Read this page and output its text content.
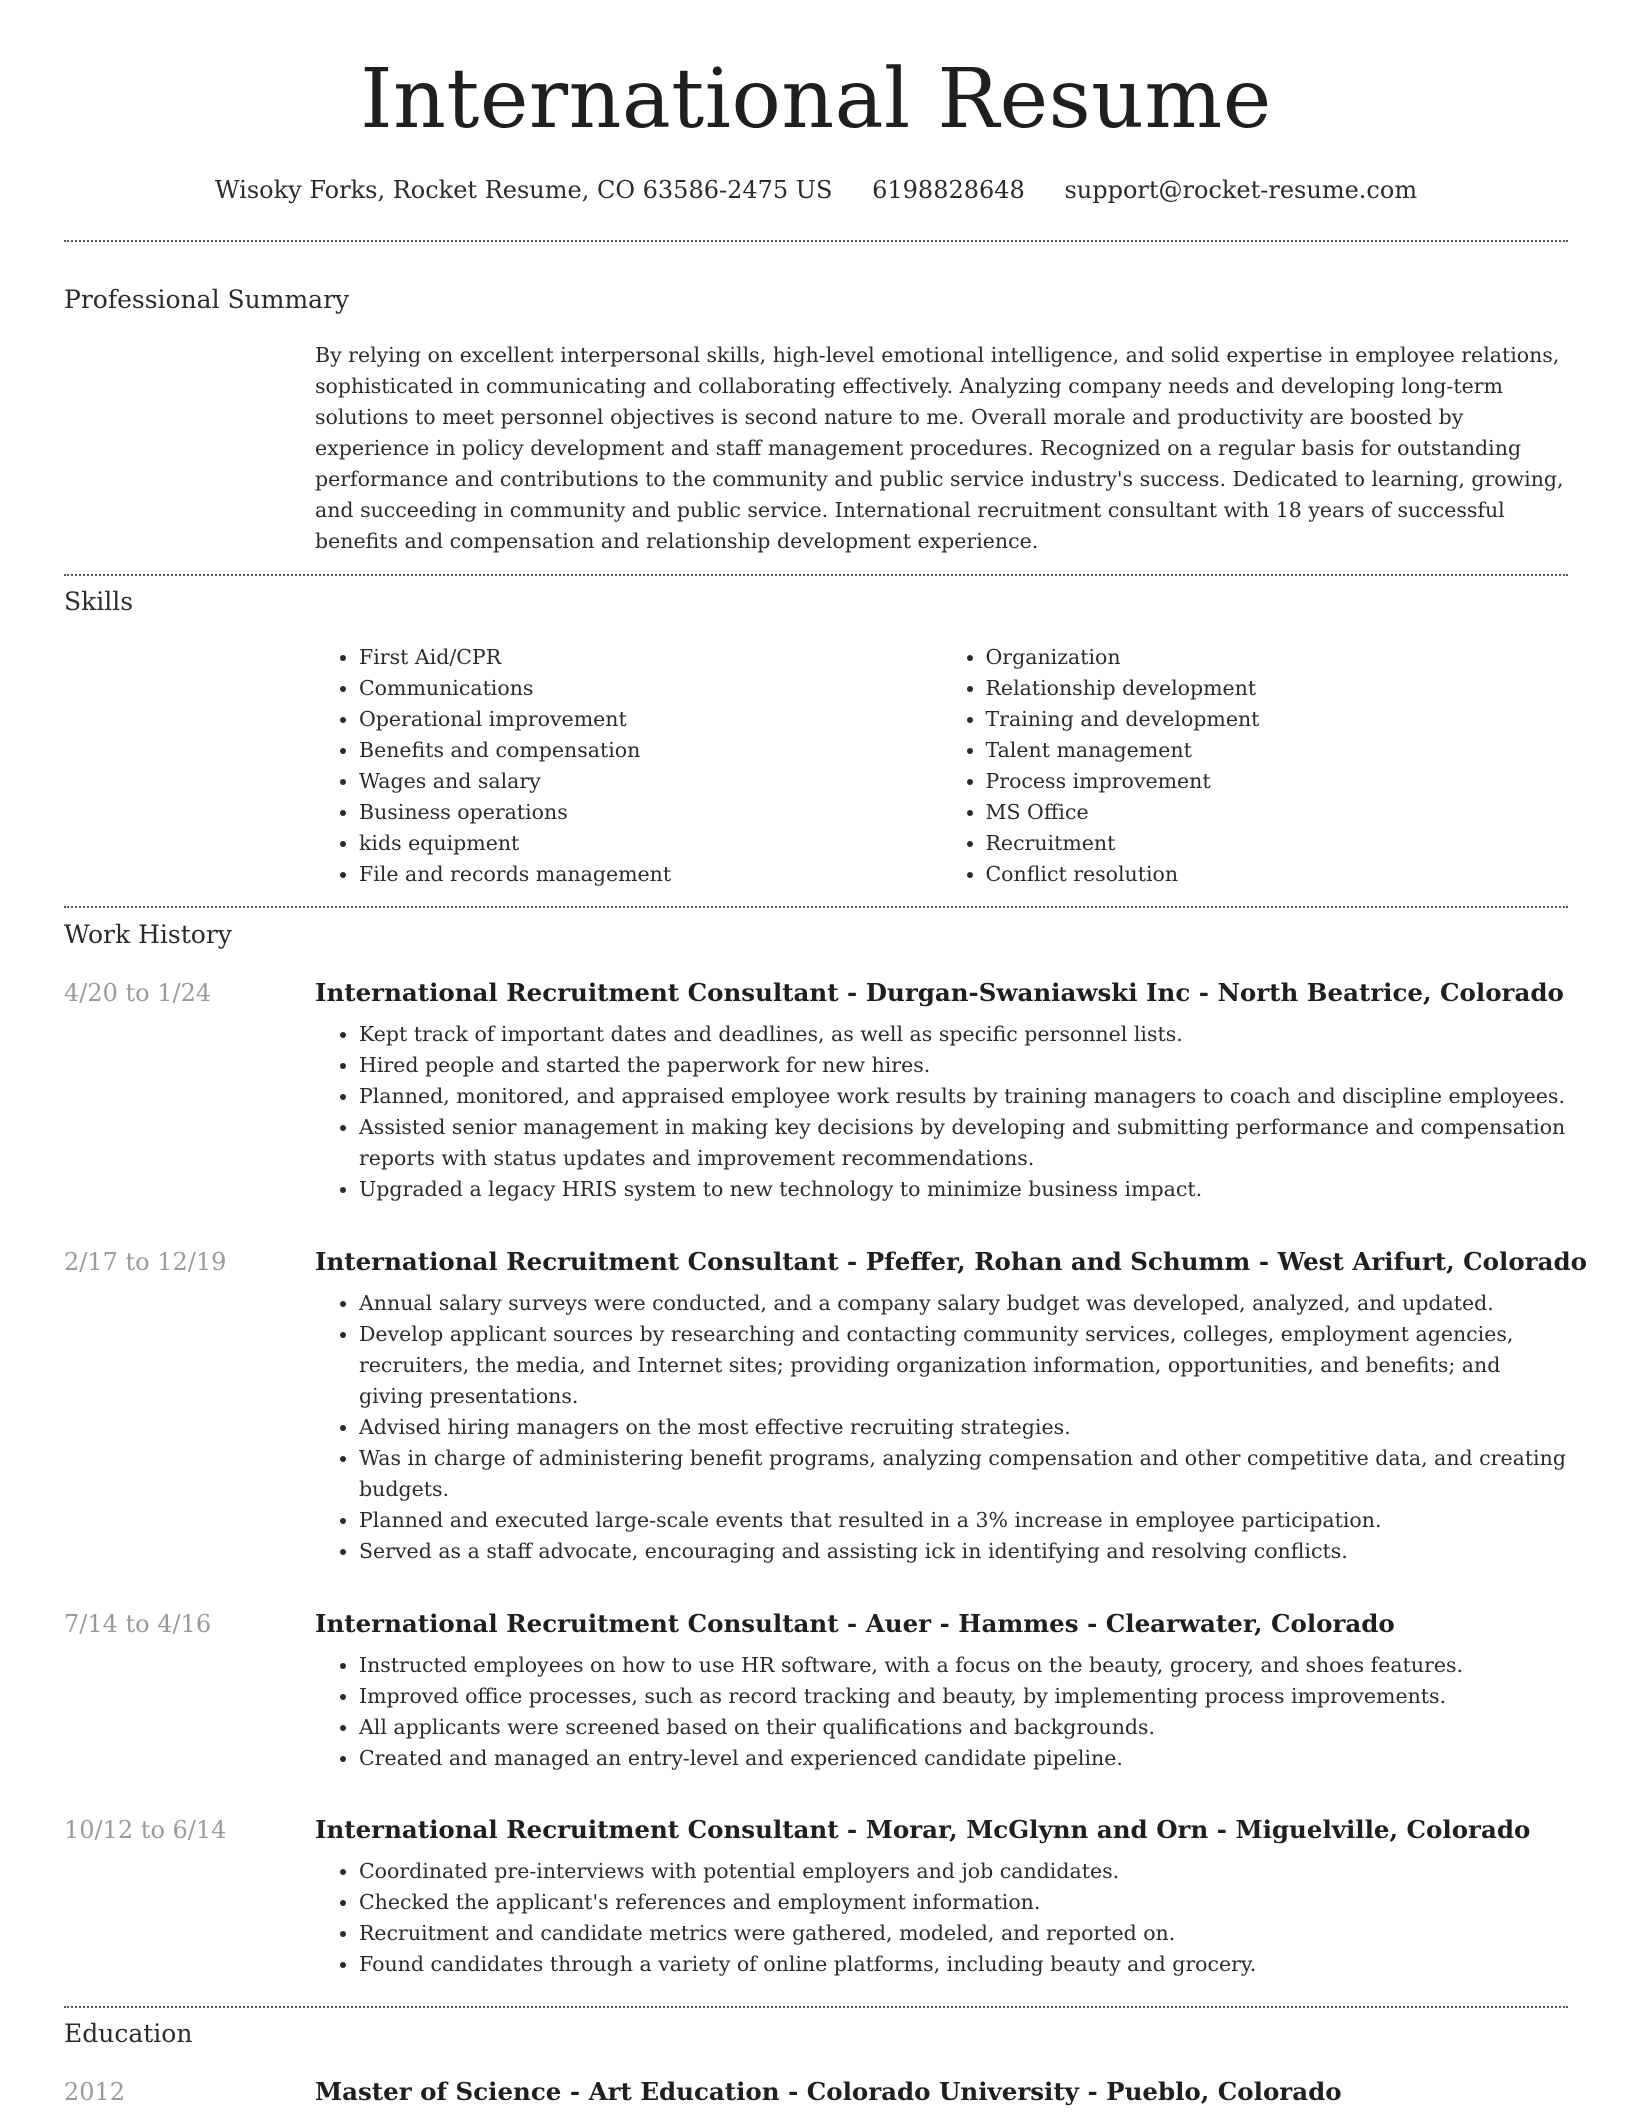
International Resume
Wisoky Forks, Rocket Resume, CO 63586-2475 US 6198828648 support@rocket-resume.com
Professional Summary

By relying on excellent interpersonal skills, high-level emotional intelligence, and solid expertise in employee relations, sophisticated in communicating and collaborating effectively. Analyzing company needs and developing long-term solutions to meet personnel objectives is second nature to me. Overall morale and productivity are boosted by experience in policy development and staff management procedures. Recognized on a regular basis for outstanding performance and contributions to the community and public service industry's success. Dedicated to learning, growing, and succeeding in community and public service. International recruitment consultant with 18 years of successful benefits and compensation and relationship development experience.

Skills
• First Aid/CPR
• Communications
• Operational improvement
• Benefits and compensation
• Wages and salary
• Business operations
• kids equipment
• File and records management
• Organization
• Relationship development
• Training and development
• Talent management
• Process improvement
• MS Office
• Recruitment
• Conflict resolution
Work History
4/20 to 1/24	International Recruitment Consultant - Durgan-Swaniawski Inc - North Beatrice, Colorado
• Kept track of important dates and deadlines, as well as specific personnel lists.
• Hired people and started the paperwork for new hires.
• Planned, monitored, and appraised employee work results by training managers to coach and discipline employees.
• Assisted senior management in making key decisions by developing and submitting performance and compensation reports with status updates and improvement recommendations.
• Upgraded a legacy HRIS system to new technology to minimize business impact.
2/17 to 12/19	International Recruitment Consultant - Pfeffer, Rohan and Schumm - West Arifurt, Colorado
• Annual salary surveys were conducted, and a company salary budget was developed, analyzed, and updated.
• Develop applicant sources by researching and contacting community services, colleges, employment agencies, recruiters, the media, and Internet sites; providing organization information, opportunities, and benefits; and giving presentations.
• Advised hiring managers on the most effective recruiting strategies.
• Was in charge of administering benefit programs, analyzing compensation and other competitive data, and creating budgets.
• Planned and executed large-scale events that resulted in a 3% increase in employee participation.
• Served as a staff advocate, encouraging and assisting ick in identifying and resolving conflicts.
7/14 to 4/16	International Recruitment Consultant - Auer - Hammes - Clearwater, Colorado
• Instructed employees on how to use HR software, with a focus on the beauty, grocery, and shoes features.
• Improved office processes, such as record tracking and beauty, by implementing process improvements.
• All applicants were screened based on their qualifications and backgrounds.
• Created and managed an entry-level and experienced candidate pipeline.
10/12 to 6/14	International Recruitment Consultant - Morar, McGlynn and Orn - Miguelville, Colorado
• Coordinated pre-interviews with potential employers and job candidates.
• Checked the applicant's references and employment information.
• Recruitment and candidate metrics were gathered, modeled, and reported on.
• Found candidates through a variety of online platforms, including beauty and grocery.
Education
2012	Master of Science - Art Education - Colorado University - Pueblo, Colorado
